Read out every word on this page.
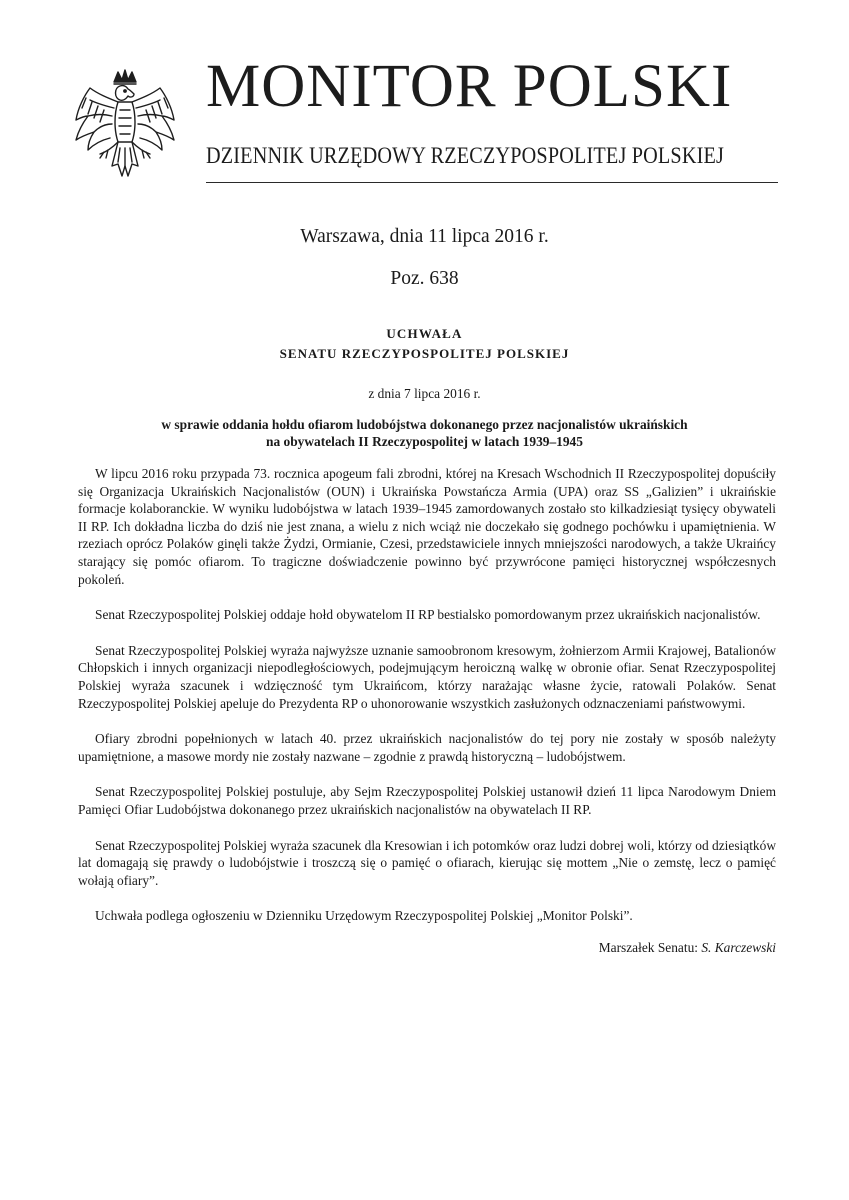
MONITOR POLSKI
DZIENNIK URZĘDOWY RZECZYPOSPOLITEJ POLSKIEJ
Warszawa, dnia 11 lipca 2016 r.
Poz. 638
UCHWAŁA
SENATU RZECZYPOSPOLITEJ POLSKIEJ
z dnia 7 lipca 2016 r.
w sprawie oddania hołdu ofiarom ludobójstwa dokonanego przez nacjonalistów ukraińskich
na obywatelach II Rzeczypospolitej w latach 1939–1945

W lipcu 2016 roku przypada 73. rocznica apogeum fali zbrodni, której na Kresach Wschodnich II Rzeczypospolitej dopuściły się Organizacja Ukraińskich Nacjonalistów (OUN) i Ukraińska Powstańcza Armia (UPA) oraz SS „Galizien” i ukraińskie formacje kolaboranckie. W wyniku ludobójstwa w latach 1939–1945 zamordowanych zostało sto kilkadziesiąt tysięcy obywateli II RP. Ich dokładna liczba do dziś nie jest znana, a wielu z nich wciąż nie doczekało się godnego pochówku i upamiętnienia. W rzeziach oprócz Polaków ginęli także Żydzi, Ormianie, Czesi, przedstawiciele innych mniejszości narodowych, a także Ukraińcy starający się pomóc ofiarom. To tragiczne doświadczenie powinno być przywrócone pamięci historycznej współczesnych pokoleń.

Senat Rzeczypospolitej Polskiej oddaje hołd obywatelom II RP bestialsko pomordowanym przez ukraińskich nacjonalistów.

Senat Rzeczypospolitej Polskiej wyraża najwyższe uznanie samoobronom kresowym, żołnierzom Armii Krajowej, Batalionów Chłopskich i innych organizacji niepodległościowych, podejmującym heroiczną walkę w obronie ofiar. Senat Rzeczypospolitej Polskiej wyraża szacunek i wdzięczność tym Ukraińcom, którzy narażając własne życie, ratowali Polaków. Senat Rzeczypospolitej Polskiej apeluje do Prezydenta RP o uhonorowanie wszystkich zasłużonych odznaczeniami państwowymi.

Ofiary zbrodni popełnionych w latach 40. przez ukraińskich nacjonalistów do tej pory nie zostały w sposób należyty upamiętnione, a masowe mordy nie zostały nazwane – zgodnie z prawdą historyczną – ludobójstwem.

Senat Rzeczypospolitej Polskiej postuluje, aby Sejm Rzeczypospolitej Polskiej ustanowił dzień 11 lipca Narodowym Dniem Pamięci Ofiar Ludobójstwa dokonanego przez ukraińskich nacjonalistów na obywatelach II RP.

Senat Rzeczypospolitej Polskiej wyraża szacunek dla Kresowian i ich potomków oraz ludzi dobrej woli, którzy od dziesiątków lat domagają się prawdy o ludobójstwie i troszczą się o pamięć o ofiarach, kierując się mottem „Nie o zemstę, lecz o pamięć wołają ofiary”.

Uchwała podlega ogłoszeniu w Dzienniku Urzędowym Rzeczypospolitej Polskiej „Monitor Polski”.

Marszałek Senatu: S. Karczewski
